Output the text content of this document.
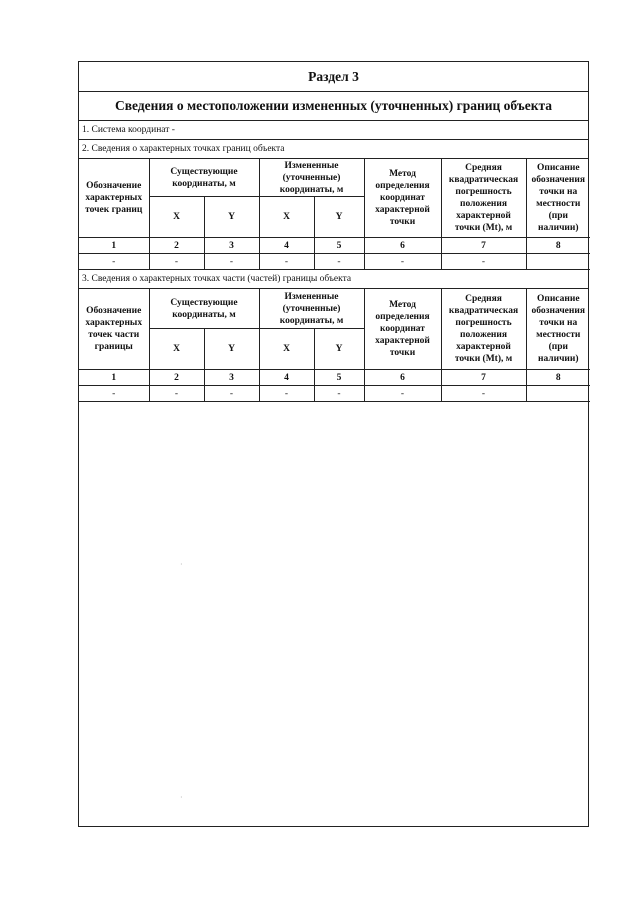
Раздел 3
Сведения о местоположении измененных (уточненных) границ объекта
1. Система координат -
2. Сведения о характерных точках границ объекта
Обозначение характерных точек границ	Существующие координаты, м		Измененные (уточненные) координаты, м		Метод определения координат характерной точки	Средняя квадратическая погрешность положения характерной точки (Mt), м	Описание обозначения точки на местности (при наличии)
	X	Y	X	Y			
1	2	3	4	5	6	7	8
-	-	-	-	-	-	-	
3. Сведения о характерных точках части (частей) границы объекта
Обозначение характерных точек части границы	Существующие координаты, м		Измененные (уточненные) координаты, м		Метод определения координат характерной точки	Средняя квадратическая погрешность положения характерной точки (Mt), м	Описание обозначения точки на местности (при наличии)
	X	Y	X	Y			
1	2	3	4	5	6	7	8
-	-	-	-	-	-	-	
·
·
